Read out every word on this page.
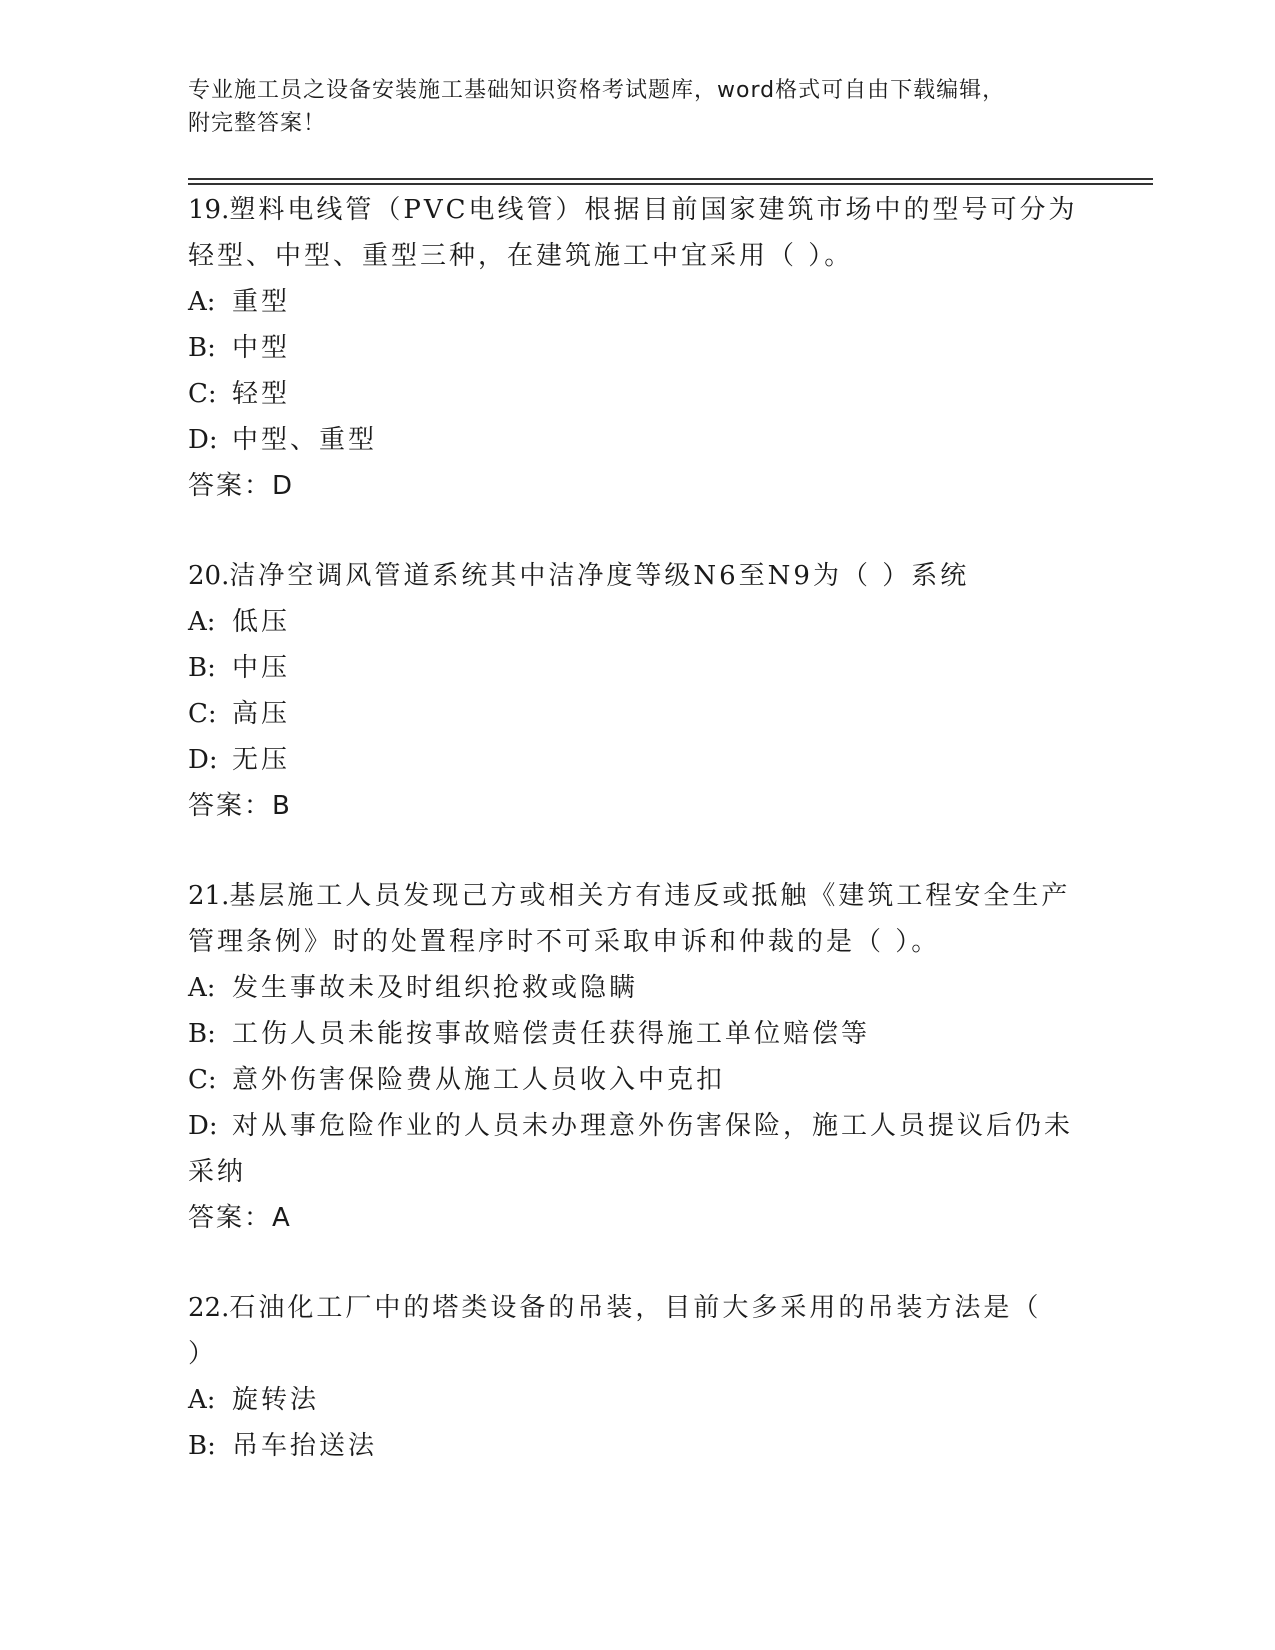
专业施工员之设备安装施工基础知识资格考试题库，word格式可自由下载编辑，
附完整答案！
19.塑料电线管（PVC电线管）根据目前国家建筑市场中的型号可分为
轻型、中型、重型三种，在建筑施工中宜采用（ ）。
A: 重型
B: 中型
C: 轻型
D: 中型、重型
答案：D
20.洁净空调风管道系统其中洁净度等级N6至N9为（ ）系统
A: 低压
B: 中压
C: 高压
D: 无压
答案：B
21.基层施工人员发现己方或相关方有违反或抵触《建筑工程安全生产
管理条例》时的处置程序时不可采取申诉和仲裁的是（ ）。
A: 发生事故未及时组织抢救或隐瞒
B: 工伤人员未能按事故赔偿责任获得施工单位赔偿等
C: 意外伤害保险费从施工人员收入中克扣
D: 对从事危险作业的人员未办理意外伤害保险，施工人员提议后仍未
采纳
答案：A
22.石油化工厂中的塔类设备的吊装，目前大多采用的吊装方法是（
）
A: 旋转法
B: 吊车抬送法
